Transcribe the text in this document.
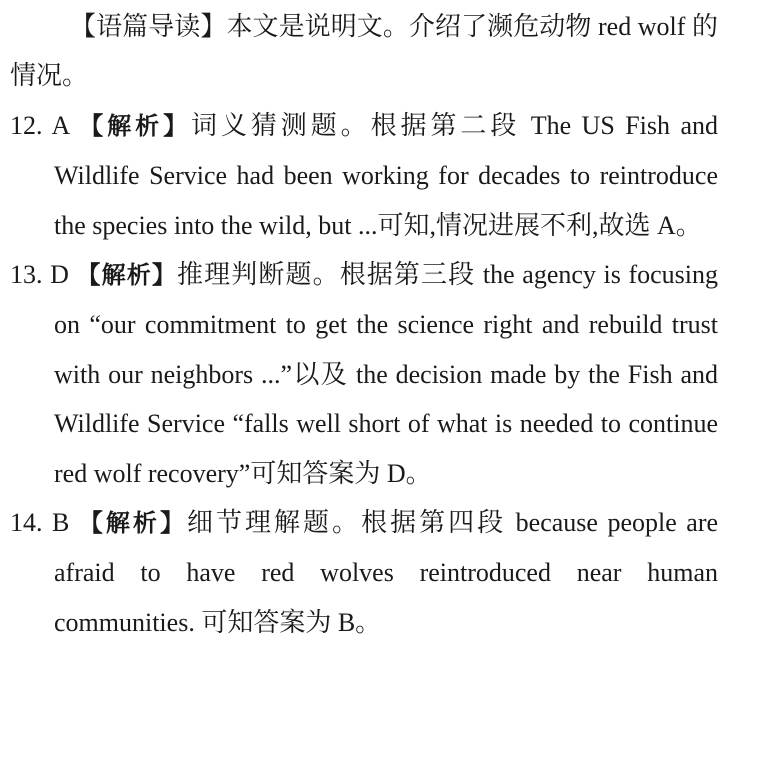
【语篇导读】本文是说明文。介绍了濒危动物 red wolf 的情况。

12. A 【解析】词义猜测题。根据第二段 The US Fish and Wildlife Service had been working for decades to reintroduce the species into the wild, but ...可知,情况进展不利,故选 A。

13. D 【解析】推理判断题。根据第三段 the agency is focusing on “our commitment to get the science right and rebuild trust with our neighbors ...”以及 the decision made by the Fish and Wildlife Service “falls well short of what is needed to continue red wolf recovery”可知答案为 D。

14. B 【解析】细节理解题。根据第四段 because people are afraid to have red wolves reintroduced near human communities. 可知答案为 B。
